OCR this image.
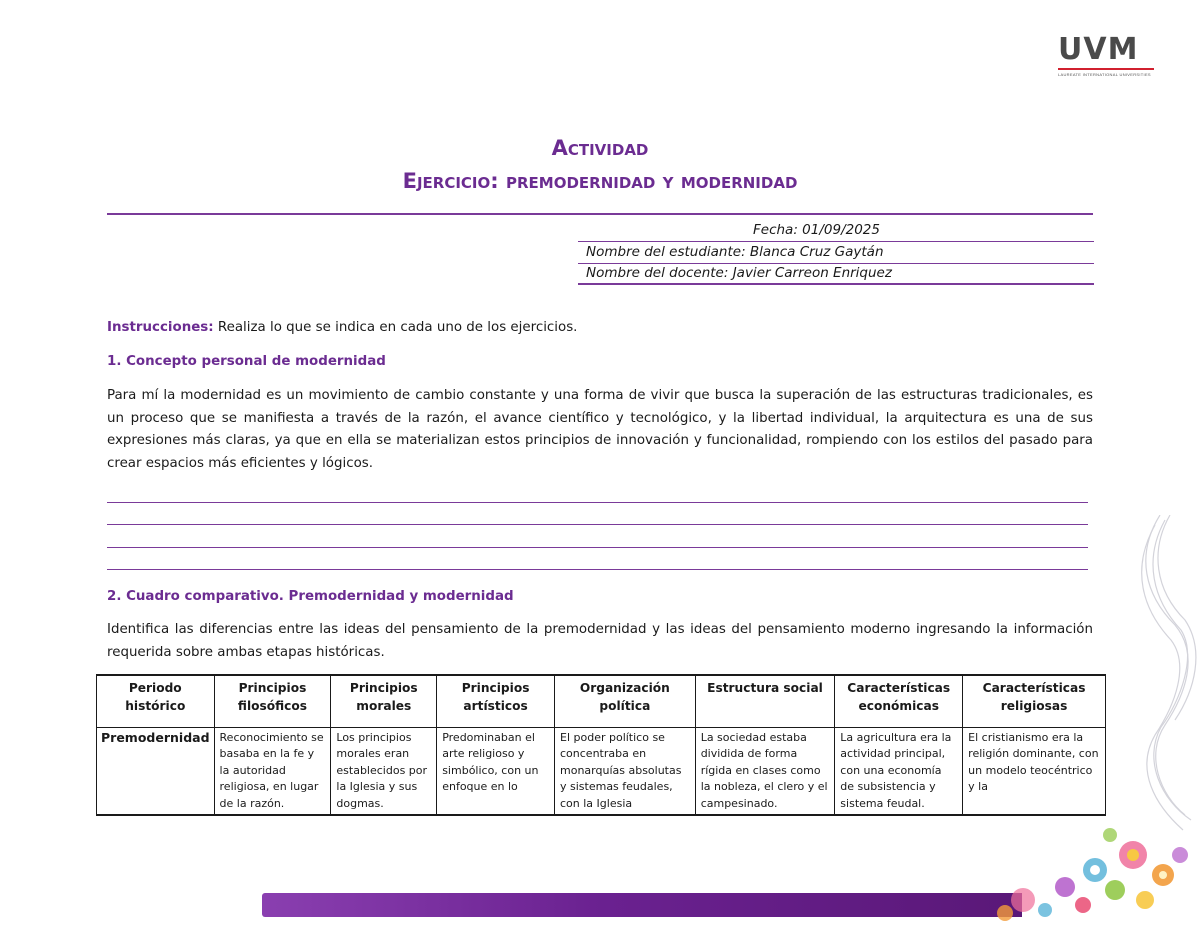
UVM
LAUREATE INTERNATIONAL UNIVERSITIES
Actividad
Ejercicio: premodernidad y modernidad
Fecha: 01/09/2025
Nombre del estudiante: Blanca Cruz Gaytán
Nombre del docente: Javier Carreon Enriquez
Instrucciones: Realiza lo que se indica en cada uno de los ejercicios.
1. Concepto personal de modernidad
Para mí la modernidad es un movimiento de cambio constante y una forma de vivir que busca la superación de las estructuras tradicionales, es un proceso que se manifiesta a través de la razón, el avance científico y tecnológico, y la libertad individual, la arquitectura es una de sus expresiones más claras, ya que en ella se materializan estos principios de innovación y funcionalidad, rompiendo con los estilos del pasado para crear espacios más eficientes y lógicos.
2. Cuadro comparativo. Premodernidad y modernidad
Identifica las diferencias entre las ideas del pensamiento de la premodernidad y las ideas del pensamiento moderno ingresando la información requerida sobre ambas etapas históricas.
Periodo histórico	Principios filosóficos	Principios morales	Principios artísticos	Organización política	Estructura social	Características económicas	Características religiosas
Premodernidad	Reconocimiento se basaba en la fe y la autoridad religiosa, en lugar de la razón.	Los principios morales eran establecidos por la Iglesia y sus dogmas.	Predominaban el arte religioso y simbólico, con un enfoque en lo	El poder político se concentraba en monarquías absolutas y sistemas feudales, con la Iglesia	La sociedad estaba dividida de forma rígida en clases como la nobleza, el clero y el campesinado.	La agricultura era la actividad principal, con una economía de subsistencia y sistema feudal.	El cristianismo era la religión dominante, con un modelo teocéntrico y la
